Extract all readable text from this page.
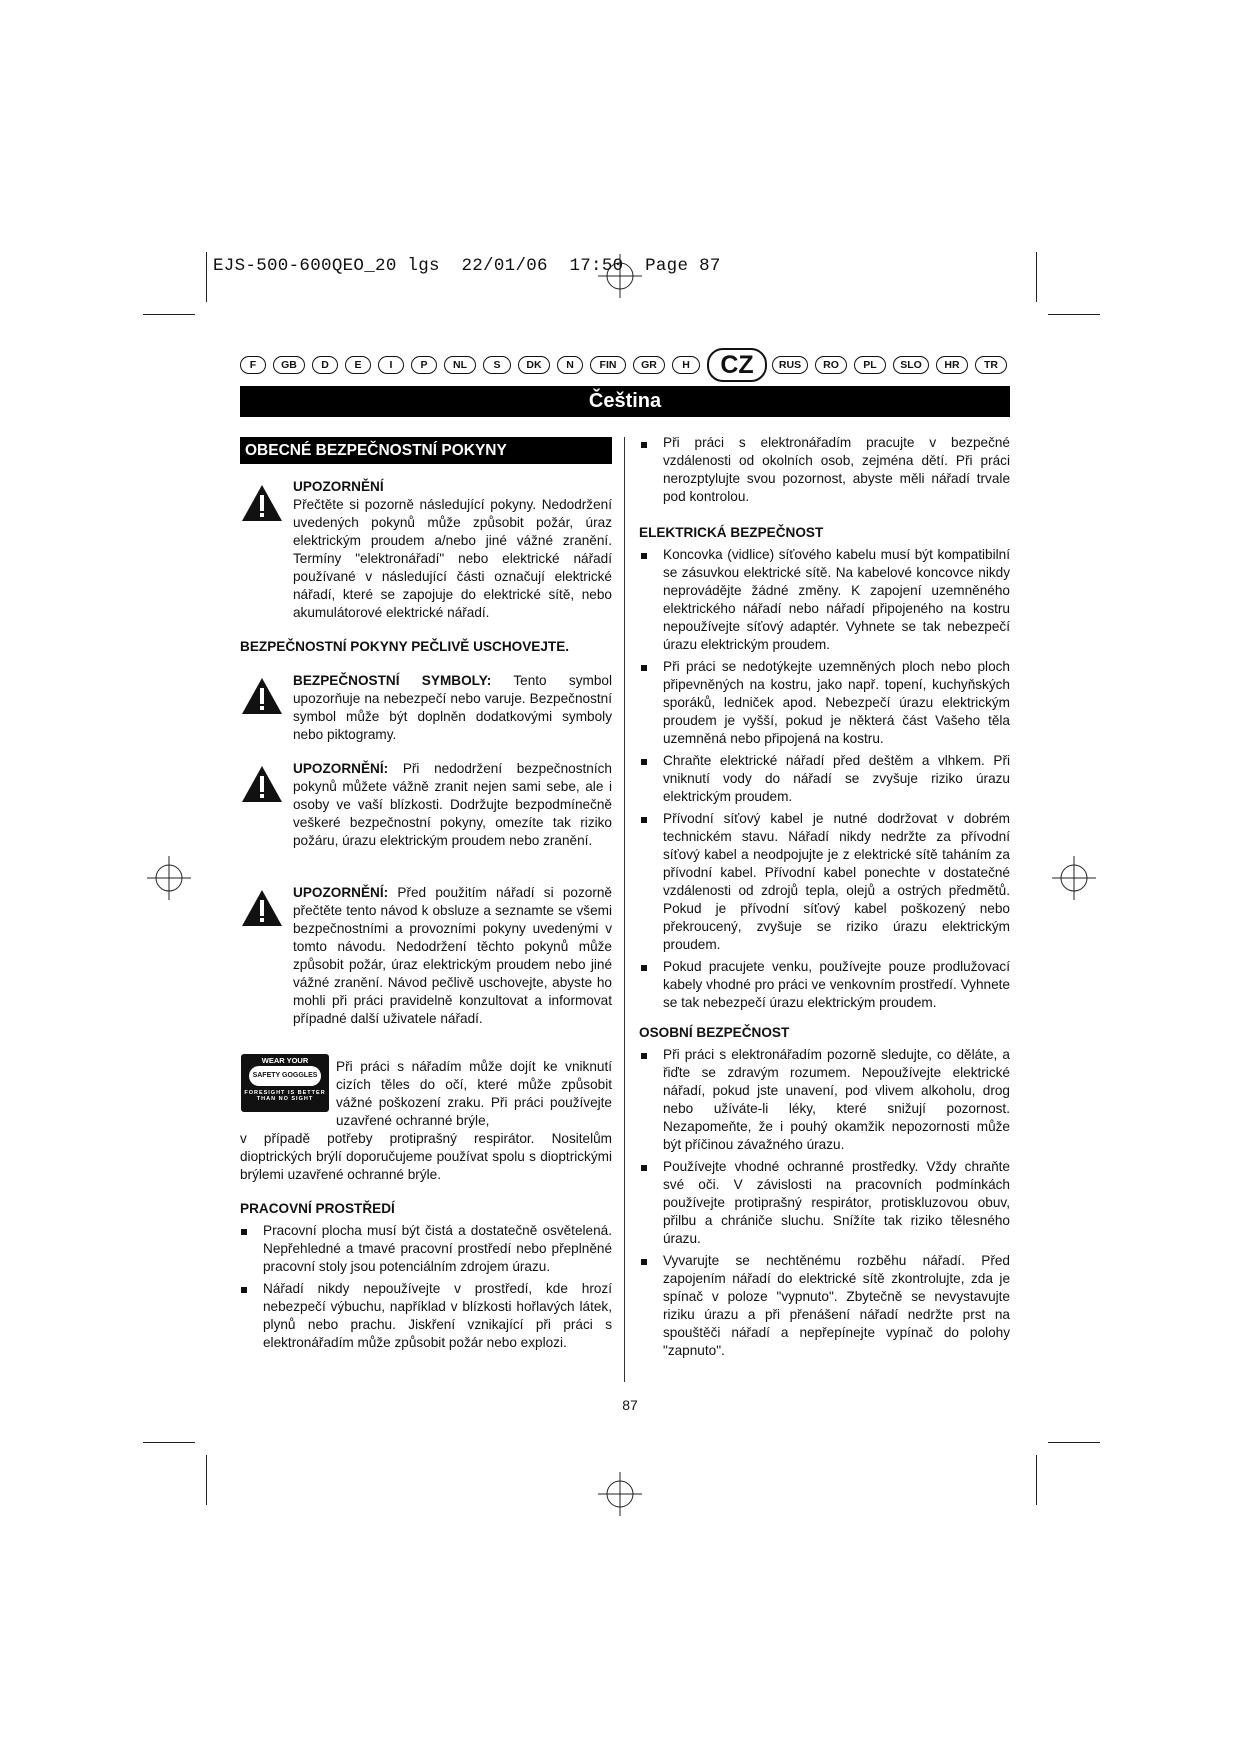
EJS-500-600QEO_20 lgs  22/01/06  17:50  Page 87
F	GB	D	E	I	P	NL	S	DK	N	FIN	GR	H	CZ	RUS	RO	PL	SLO	HR	TR
Čeština
OBECNÉ BEZPEČNOSTNÍ POKYNY
UPOZORNĚNÍ
Přečtěte si pozorně následující pokyny. Nedodržení uvedených pokynů může způsobit požár, úraz elektrickým proudem a/nebo jiné vážné zranění. Termíny "elektronářadí" nebo elektrické nářadí používané v následující části označují elektrické nářadí, které se zapojuje do elektrické sítě, nebo akumulátorové elektrické nářadí.
BEZPEČNOSTNÍ POKYNY PEČLIVĚ USCHOVEJTE.
BEZPEČNOSTNÍ SYMBOLY: Tento symbol upozorňuje na nebezpečí nebo varuje. Bezpečnostní symbol může být doplněn dodatkovými symboly nebo piktogramy.
UPOZORNĚNÍ: Při nedodržení bezpečnostních pokynů můžete vážně zranit nejen sami sebe, ale i osoby ve vaší blízkosti. Dodržujte bezpodmínečně veškeré bezpečnostní pokyny, omezíte tak riziko požáru, úrazu elektrickým proudem nebo zranění.
UPOZORNĚNÍ: Před použitím nářadí si pozorně přečtěte tento návod k obsluze a seznamte se všemi bezpečnostními a provozními pokyny uvedenými v tomto návodu. Nedodržení těchto pokynů může způsobit požár, úraz elektrickým proudem nebo jiné vážné zranění. Návod pečlivě uschovejte, abyste ho mohli při práci pravidelně konzultovat a informovat případné další uživatele nářadí.
WEAR YOUR
SAFETY GOGGLES
FORESIGHT IS BETTER THAN NO SIGHT
Při práci s nářadím může dojít ke vniknutí cizích těles do očí, které může způsobit vážné poškození zraku. Při práci používejte uzavřené ochranné brýle,
v případě potřeby protiprašný respirátor. Nositelům dioptrických brýlí doporučujeme používat spolu s dioptrickými brýlemi uzavřené ochranné brýle.
PRACOVNÍ PROSTŘEDÍ
Pracovní plocha musí být čistá a dostatečně osvětelená. Nepřehledné a tmavé pracovní prostředí nebo přeplněné pracovní stoly jsou potenciálním zdrojem úrazu.
Nářadí nikdy nepoužívejte v prostředí, kde hrozí nebezpečí výbuchu, například v blízkosti hořlavých látek, plynů nebo prachu. Jiskření vznikající při práci s elektronářadím může způsobit požár nebo explozi.
Při práci s elektronářadím pracujte v bezpečné vzdálenosti od okolních osob, zejména dětí. Při práci nerozptylujte svou pozornost, abyste měli nářadí trvale pod kontrolou.
ELEKTRICKÁ BEZPEČNOST
Koncovka (vidlice) síťového kabelu musí být kompatibilní se zásuvkou elektrické sítě. Na kabelové koncovce nikdy neprovádějte žádné změny. K zapojení uzemněného elektrického nářadí nebo nářadí připojeného na kostru nepoužívejte síťový adaptér. Vyhnete se tak nebezpečí úrazu elektrickým proudem.
Při práci se nedotýkejte uzemněných ploch nebo ploch připevněných na kostru, jako např. topení, kuchyňských sporáků, ledniček apod. Nebezpečí úrazu elektrickým proudem je vyšší, pokud je některá část Vašeho těla uzemněná nebo připojená na kostru.
Chraňte elektrické nářadí před deštěm a vlhkem. Při vniknutí vody do nářadí se zvyšuje riziko úrazu elektrickým proudem.
Přívodní síťový kabel je nutné dodržovat v dobrém technickém stavu. Nářadí nikdy nedržte za přívodní síťový kabel a neodpojujte je z elektrické sítě taháním za přívodní kabel. Přívodní kabel ponechte v dostatečné vzdálenosti od zdrojů tepla, olejů a ostrých předmětů. Pokud je přívodní síťový kabel poškozený nebo překroucený, zvyšuje se riziko úrazu elektrickým proudem.
Pokud pracujete venku, používejte pouze prodlužovací kabely vhodné pro práci ve venkovním prostředí. Vyhnete se tak nebezpečí úrazu elektrickým proudem.
OSOBNÍ BEZPEČNOST
Při práci s elektronářadím pozorně sledujte, co děláte, a řiďte se zdravým rozumem. Nepoužívejte elektrické nářadí, pokud jste unavení, pod vlivem alkoholu, drog nebo užíváte-li léky, které snižují pozornost. Nezapomeňte, že i pouhý okamžik nepozornosti může být příčinou závažného úrazu.
Používejte vhodné ochranné prostředky. Vždy chraňte své oči. V závislosti na pracovních podmínkách používejte protiprašný respirátor, protiskluzovou obuv, přilbu a chrániče sluchu. Snížíte tak riziko tělesného úrazu.
Vyvarujte se nechtěnému rozběhu nářadí. Před zapojením nářadí do elektrické sítě zkontrolujte, zda je spínač v poloze "vypnuto". Zbytečně se nevystavujte riziku úrazu a při přenášení nářadí nedržte prst na spouštěči nářadí a nepřepínejte vypínač do polohy "zapnuto".
87
